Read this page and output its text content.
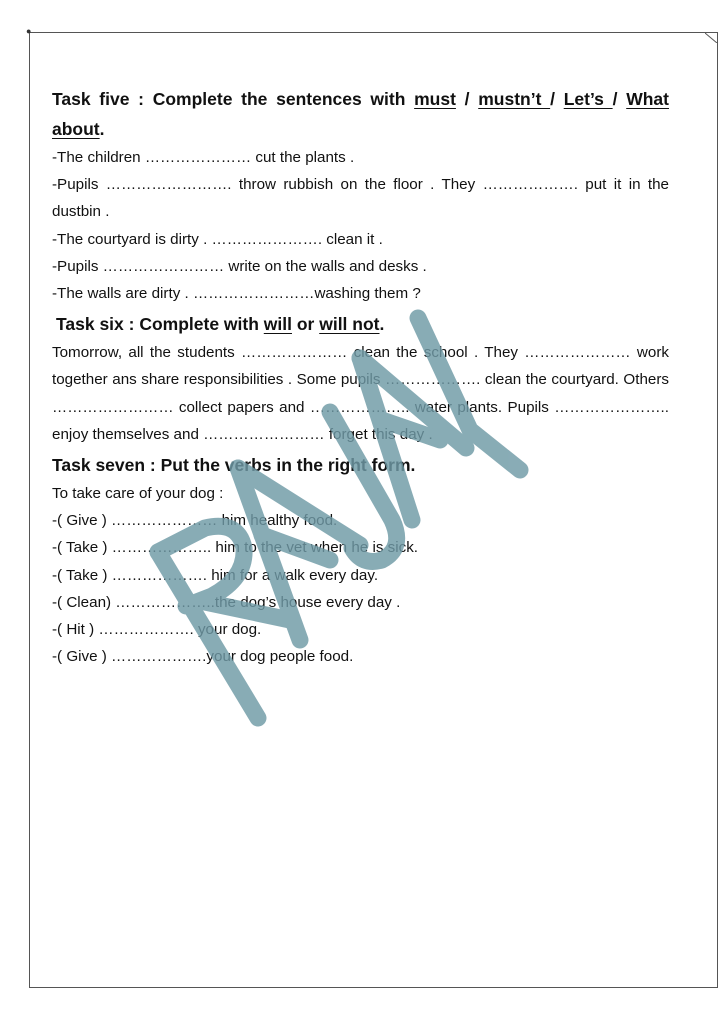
●
Task five : Complete the sentences with must / mustn’t / Let’s / What about.

-The children ………………… cut the plants .

-Pupils ……………………. throw rubbish on the floor . They ………………. put it in the dustbin .

-The courtyard is dirty . …………………. clean it .

-Pupils …………………… write on the walls and desks .

-The walls are dirty . ……………………washing them ?

Task six : Complete with will or will not.

Tomorrow, all the students ………………… clean the school . They ………………… work together ans share responsibilities . Some pupils ………………. clean the courtyard. Others …………………… collect papers and ……………….. water plants. Pupils ………………….. enjoy themselves and …………………… forget this day .

Task seven : Put the verbs in the right form.

To take care of your dog :

-( Give ) ………………… him healthy food.

-( Take ) ……………….. him to the vet when he is sick.

-( Take ) ………………. him for a walk every day.

-( Clean) ………………..the dog’s house every day .

-( Hit ) ………………. your dog.

-( Give ) ……………….your dog people food.
